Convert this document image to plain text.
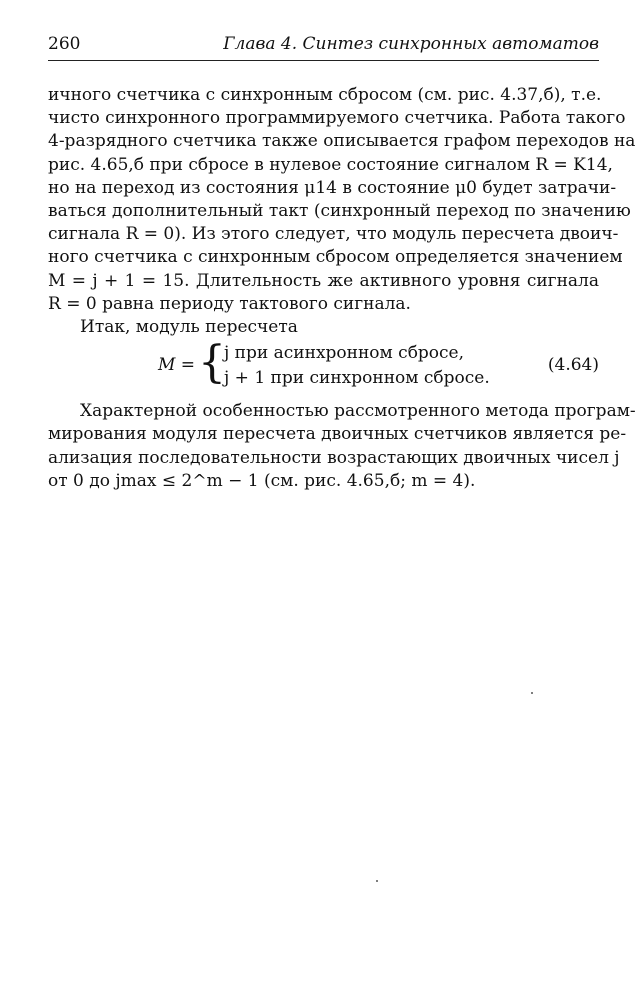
260	Глава 4. Синтез синхронных автоматов
ичного счетчика с синхронным сбросом (см. рис. 4.37,б), т.е.
чисто синхронного программируемого счетчика. Работа такого
4-разрядного счетчика также описывается графом переходов на
рис. 4.65,б при сбросе в нулевое состояние сигналом R = K14,
но на переход из состояния μ14 в состояние μ0 будет затрачи-
ваться дополнительный такт (синхронный переход по значению
сигнала R = 0). Из этого следует, что модуль пересчета двоич-
ного счетчика с синхронным сбросом определяется значением
M = j + 1 = 15. Длительность же активного уровня сигнала
R = 0 равна периоду тактового сигнала.
Итак, модуль пересчета
M = {
j при асинхронном сбросе,
j + 1 при синхронном сбросе.
(4.64)
Характерной особенностью рассмотренного метода програм-
мирования модуля пересчета двоичных счетчиков является ре-
ализация последовательности возрастающих двоичных чисел j
от 0 до jmax ≤ 2^m − 1 (см. рис. 4.65,б; m = 4).
